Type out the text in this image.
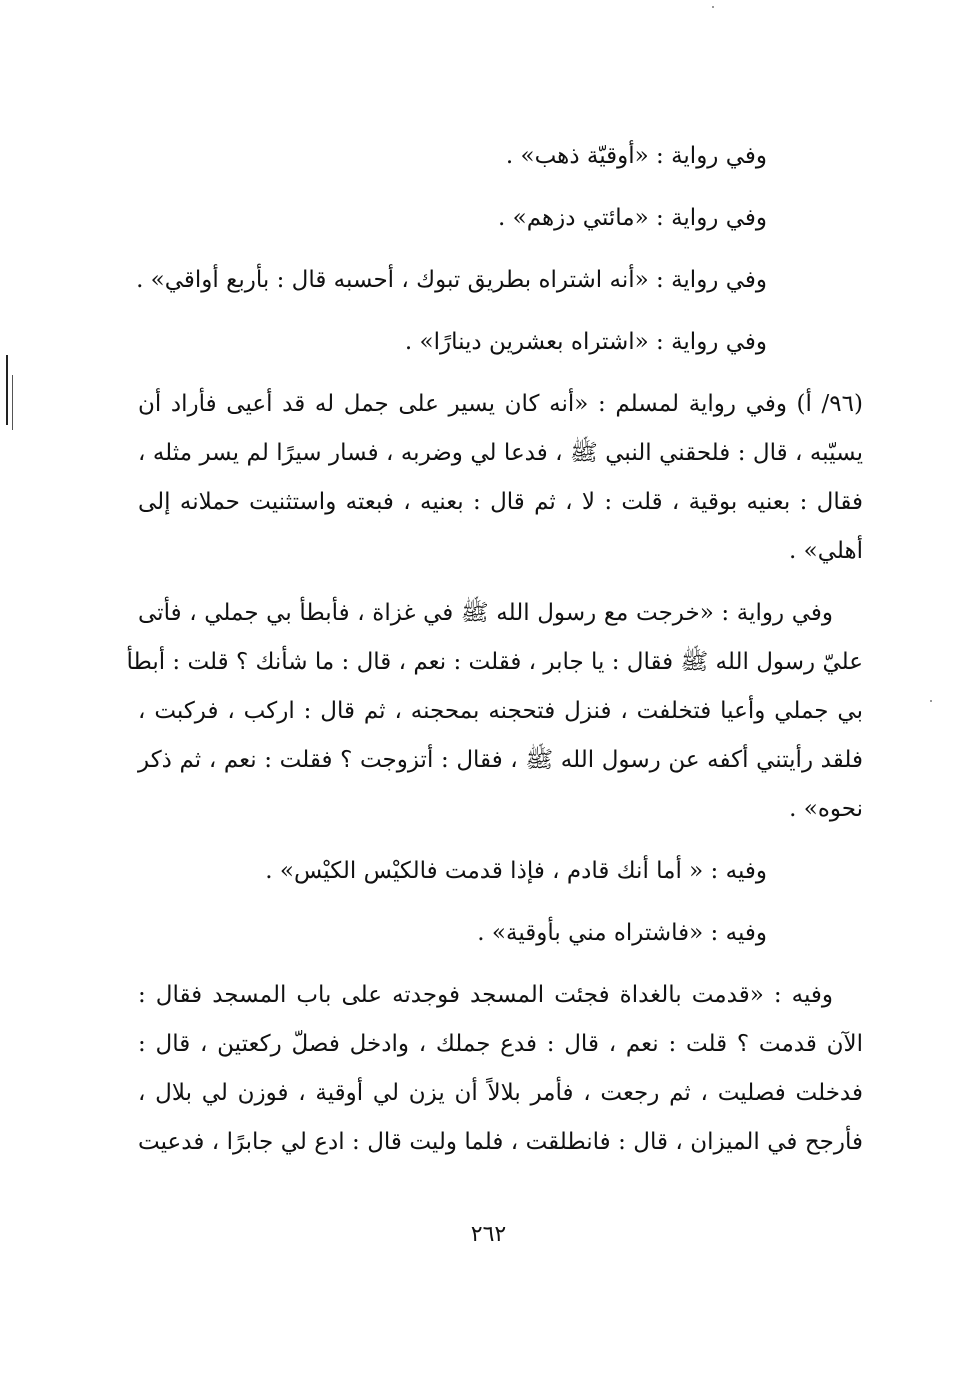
وفي رواية : «أوقيّة ذهب» .
وفي رواية : «مائتي دزهم» .
وفي رواية : «أنه اشتراه بطريق تبوك ، أحسبه قال : بأربع أواقي» .
وفي رواية : «اشتراه بعشرين دينارًا» .
(٩٦/ أ) وفي رواية لمسلم : «أنه كان يسير على جمل له قد أعيى فأراد أن
يسيّبه ، قال : فلحقني النبي ﷺ ، فدعا لي وضربه ، فسار سيرًا لم يسر مثله ،
فقال : بعنيه بوقية ، قلت : لا ، ثم قال : بعنيه ، فبعته واستثنيت حملانه إلى
أهلي» .
وفي رواية : «خرجت مع رسول الله ﷺ في غزاة ، فأبطأ بي جملي ، فأتى
عليّ رسول الله ﷺ فقال : يا جابر ، فقلت : نعم ، قال : ما شأنك ؟ قلت : أبطأ
بي جملي وأعيا فتخلفت ، فنزل فتحجنه بمحجنه ، ثم قال : اركب ، فركبت ،
فلقد رأيتني أكفه عن رسول الله ﷺ ، فقال : أتزوجت ؟ فقلت : نعم ، ثم ذكر
نحوه» .
وفيه : « أما أنك قادم ، فإذا قدمت فالكيْس الكيْس» .
وفيه : «فاشتراه مني بأوقية» .
وفيه : «قدمت بالغداة فجئت المسجد فوجدته على باب المسجد فقال :
الآن قدمت ؟ قلت : نعم ، قال : فدع جملك ، وادخل فصلّ ركعتين ، قال :
فدخلت فصليت ، ثم رجعت ، فأمر بلالاً أن يزن لي أوقية ، فوزن لي بلال ،
فأرجح في الميزان ، قال : فانطلقت ، فلما وليت قال : ادع لي جابرًا ، فدعيت
٢٦٢
